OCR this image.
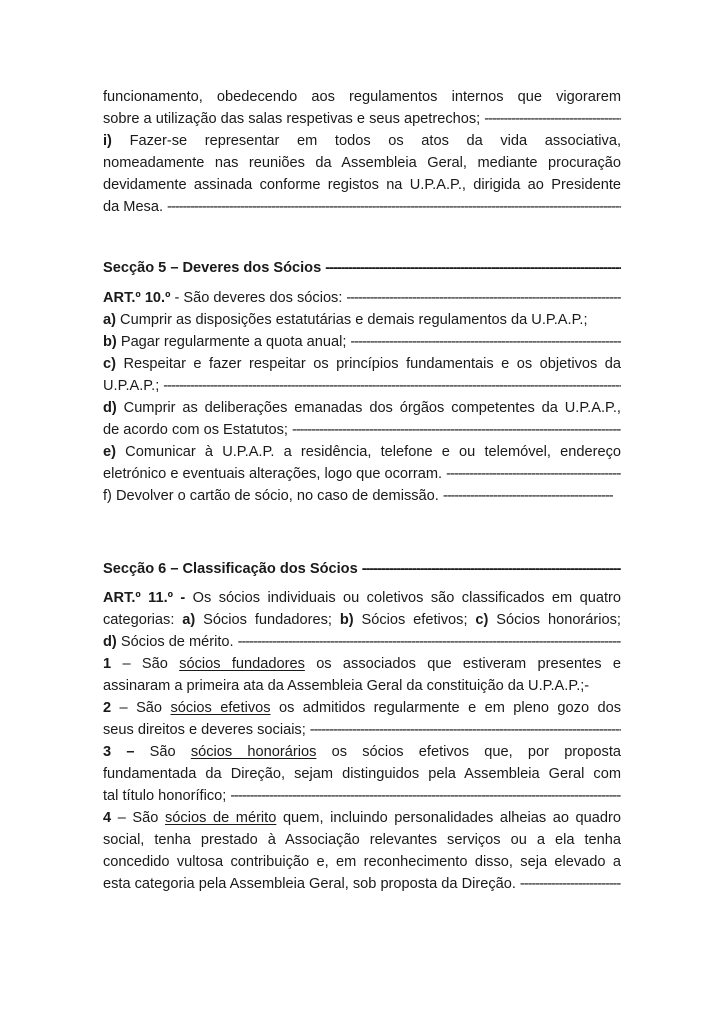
funcionamento, obedecendo aos regulamentos internos que vigorarem
sobre a utilização das salas respetivas e seus apetrechos; -----
i) Fazer-se representar em todos os atos da vida associativa,
nomeadamente nas reuniões da Assembleia Geral, mediante procuração
devidamente assinada conforme registos na U.P.A.P., dirigida ao Presidente
da Mesa. -----
Secção 5 – Deveres dos Sócios -----
ART.º 10.º - São deveres dos sócios: -----
a) Cumprir as disposições estatutárias e demais regulamentos da U.P.A.P.;
b) Pagar regularmente a quota anual; -----
c) Respeitar e fazer respeitar os princípios fundamentais e os objetivos da
U.P.A.P.; -----
d) Cumprir as deliberações emanadas dos órgãos competentes da U.P.A.P.,
de acordo com os Estatutos; -----
e) Comunicar à U.P.A.P. a residência, telefone e ou telemóvel, endereço
eletrónico e eventuais alterações, logo que ocorram. -----
f) Devolver o cartão de sócio, no caso de demissão. -----
Secção 6 – Classificação dos Sócios -----
ART.º 11.º - Os sócios individuais ou coletivos são classificados em quatro
categorias: a) Sócios fundadores; b) Sócios efetivos; c) Sócios honorários;
d) Sócios de mérito. -----
1 – São sócios fundadores os associados que estiveram presentes e
assinaram a primeira ata da Assembleia Geral da constituição da U.P.A.P.;-
2 – São sócios efetivos os admitidos regularmente e em pleno gozo dos
seus direitos e deveres sociais; -----
3 – São sócios honorários os sócios efetivos que, por proposta
fundamentada da Direção, sejam distinguidos pela Assembleia Geral com
tal título honorífico; -----
4 – São sócios de mérito quem, incluindo personalidades alheias ao quadro
social, tenha prestado à Associação relevantes serviços ou a ela tenha
concedido vultosa contribuição e, em reconhecimento disso, seja elevado a
esta categoria pela Assembleia Geral, sob proposta da Direção. -----
